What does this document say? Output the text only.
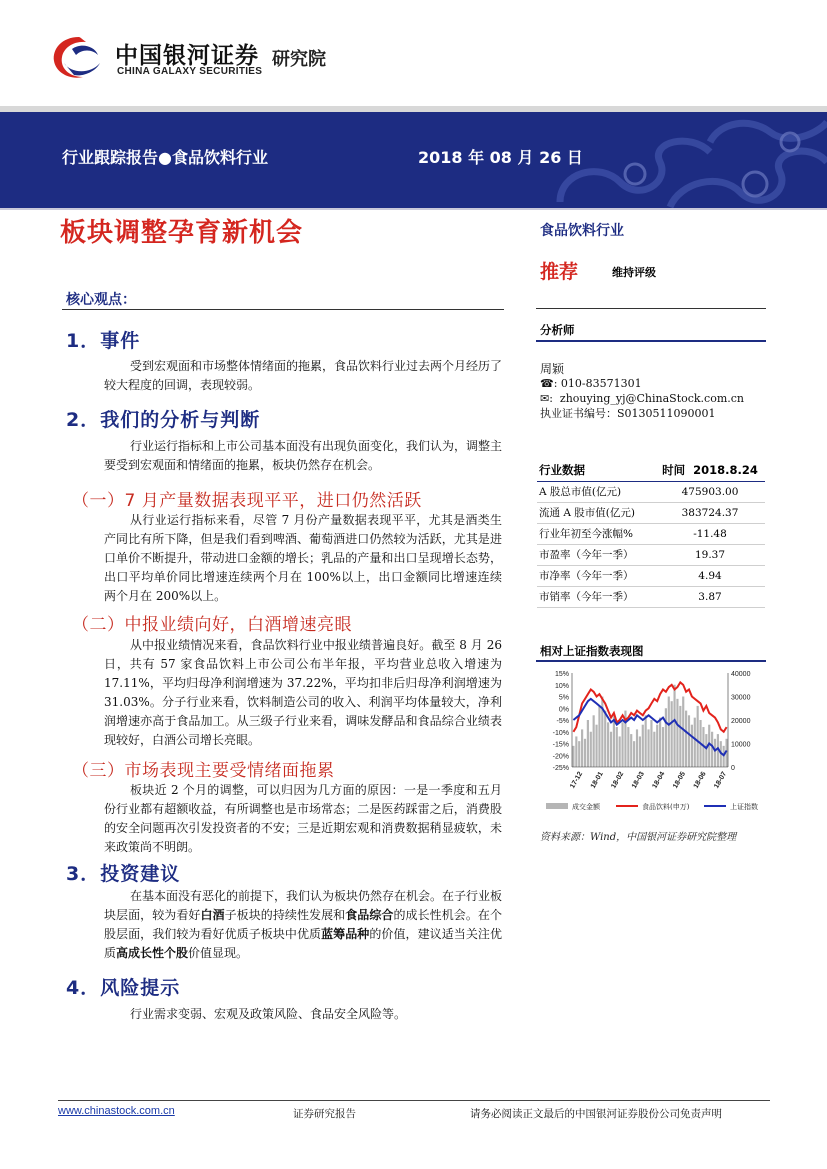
中国银河证券
CHINA GALAXY SECURITIES
研究院
行业跟踪报告●食品饮料行业	2018 年 08 月 26 日
板块调整孕育新机会
核心观点：
1．事件
受到宏观面和市场整体情绪面的拖累，食品饮料行业过去两个月经历了较大程度的回调，表现较弱。
2．我们的分析与判断
行业运行指标和上市公司基本面没有出现负面变化，我们认为，调整主要受到宏观面和情绪面的拖累，板块仍然存在机会。
（一）7 月产量数据表现平平，进口仍然活跃
从行业运行指标来看，尽管 7 月份产量数据表现平平，尤其是酒类生产同比有所下降，但是我们看到啤酒、葡萄酒进口仍然较为活跃，尤其是进口单价不断提升，带动进口金额的增长；乳品的产量和出口呈现增长态势，出口平均单价同比增速连续两个月在 100%以上，出口金额同比增速连续两个月在 200%以上。
（二）中报业绩向好，白酒增速亮眼
从中报业绩情况来看，食品饮料行业中报业绩普遍良好。截至 8 月 26 日，共有 57 家食品饮料上市公司公布半年报，平均营业总收入增速为 17.11%，平均归母净利润增速为 37.22%，平均扣非后归母净利润增速为 31.03%。分子行业来看，饮料制造公司的收入、利润平均体量较大，净利润增速亦高于食品加工。从三级子行业来看，调味发酵品和食品综合业绩表现较好，白酒公司增长亮眼。
（三）市场表现主要受情绪面拖累
板块近 2 个月的调整，可以归因为几方面的原因：一是一季度和五月份行业都有超额收益，有所调整也是市场常态；二是医药踩雷之后，消费股的安全问题再次引发投资者的不安；三是近期宏观和消费数据稍显疲软，未来政策尚不明朗。
3．投资建议
在基本面没有恶化的前提下，我们认为板块仍然存在机会。在子行业板块层面，较为看好白酒子板块的持续性发展和食品综合的成长性机会。在个股层面，我们较为看好优质子板块中优质蓝筹品种的价值，建议适当关注优质高成长性个股价值显现。
4．风险提示
行业需求变弱、宏观及政策风险、食品安全风险等。
食品饮料行业
推荐	维持评级
分析师
周颖
☎: 010-83571301
✉:  zhouying_yj@ChinaStock.com.cn
执业证书编号：S0130511090001
行业数据	时间 2018.8.24
A 股总市值(亿元)	475903.00
流通 A 股市值(亿元)	383724.37
行业年初至今涨幅%	-11.48
市盈率（今年一季）	19.37
市净率（今年一季）	4.94
市销率（今年一季）	3.87
相对上证指数表现图
15%
10%
5%
0%
-5%
-10%
-15%
-20%
-25%
40000
30000
20000
10000
0
17-12 18-01 18-02 18-03 18-04 18-05 18-06 18-07
成交金额	食品饮料(申万)	上证指数
资料来源：Wind，中国银河证券研究院整理
www.chinastock.com.cn	证券研究报告	请务必阅读正文最后的中国银河证券股份公司免责声明
